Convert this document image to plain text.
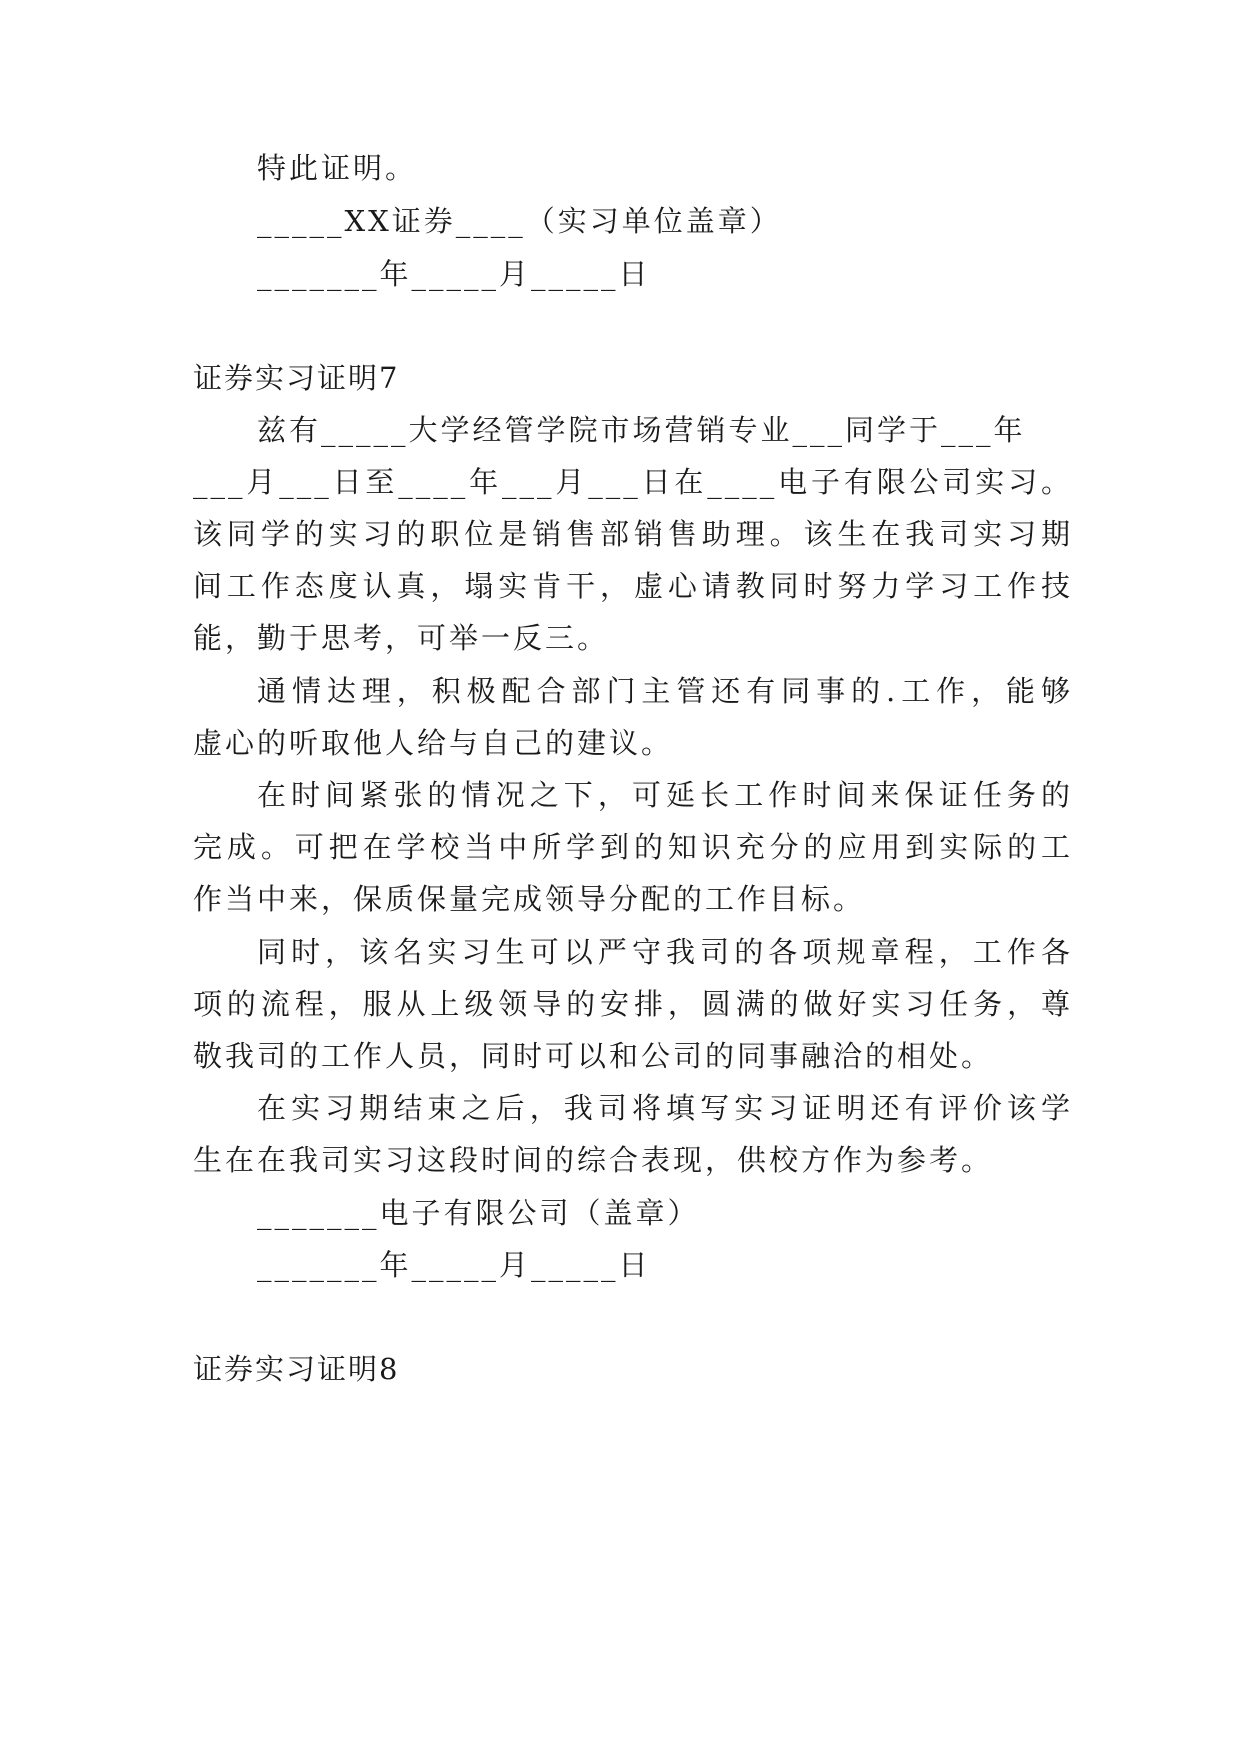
特此证明。

_____XX证券____（实习单位盖章）

_______年_____月_____日

证券实习证明7

兹有_____大学经管学院市场营销专业___同学于___年

___月___日至____年___月___日在____电子有限公司实习。

该同学的实习的职位是销售部销售助理。该生在我司实习期

间工作态度认真，塌实肯干，虚心请教同时努力学习工作技

能，勤于思考，可举一反三。

通情达理，积极配合部门主管还有同事的.工作，能够

虚心的听取他人给与自己的建议。

在时间紧张的情况之下，可延长工作时间来保证任务的

完成。可把在学校当中所学到的知识充分的应用到实际的工

作当中来，保质保量完成领导分配的工作目标。

同时，该名实习生可以严守我司的各项规章程，工作各

项的流程，服从上级领导的安排，圆满的做好实习任务，尊

敬我司的工作人员，同时可以和公司的同事融洽的相处。

在实习期结束之后，我司将填写实习证明还有评价该学

生在在我司实习这段时间的综合表现，供校方作为参考。

_______电子有限公司（盖章）

_______年_____月_____日

证券实习证明8
